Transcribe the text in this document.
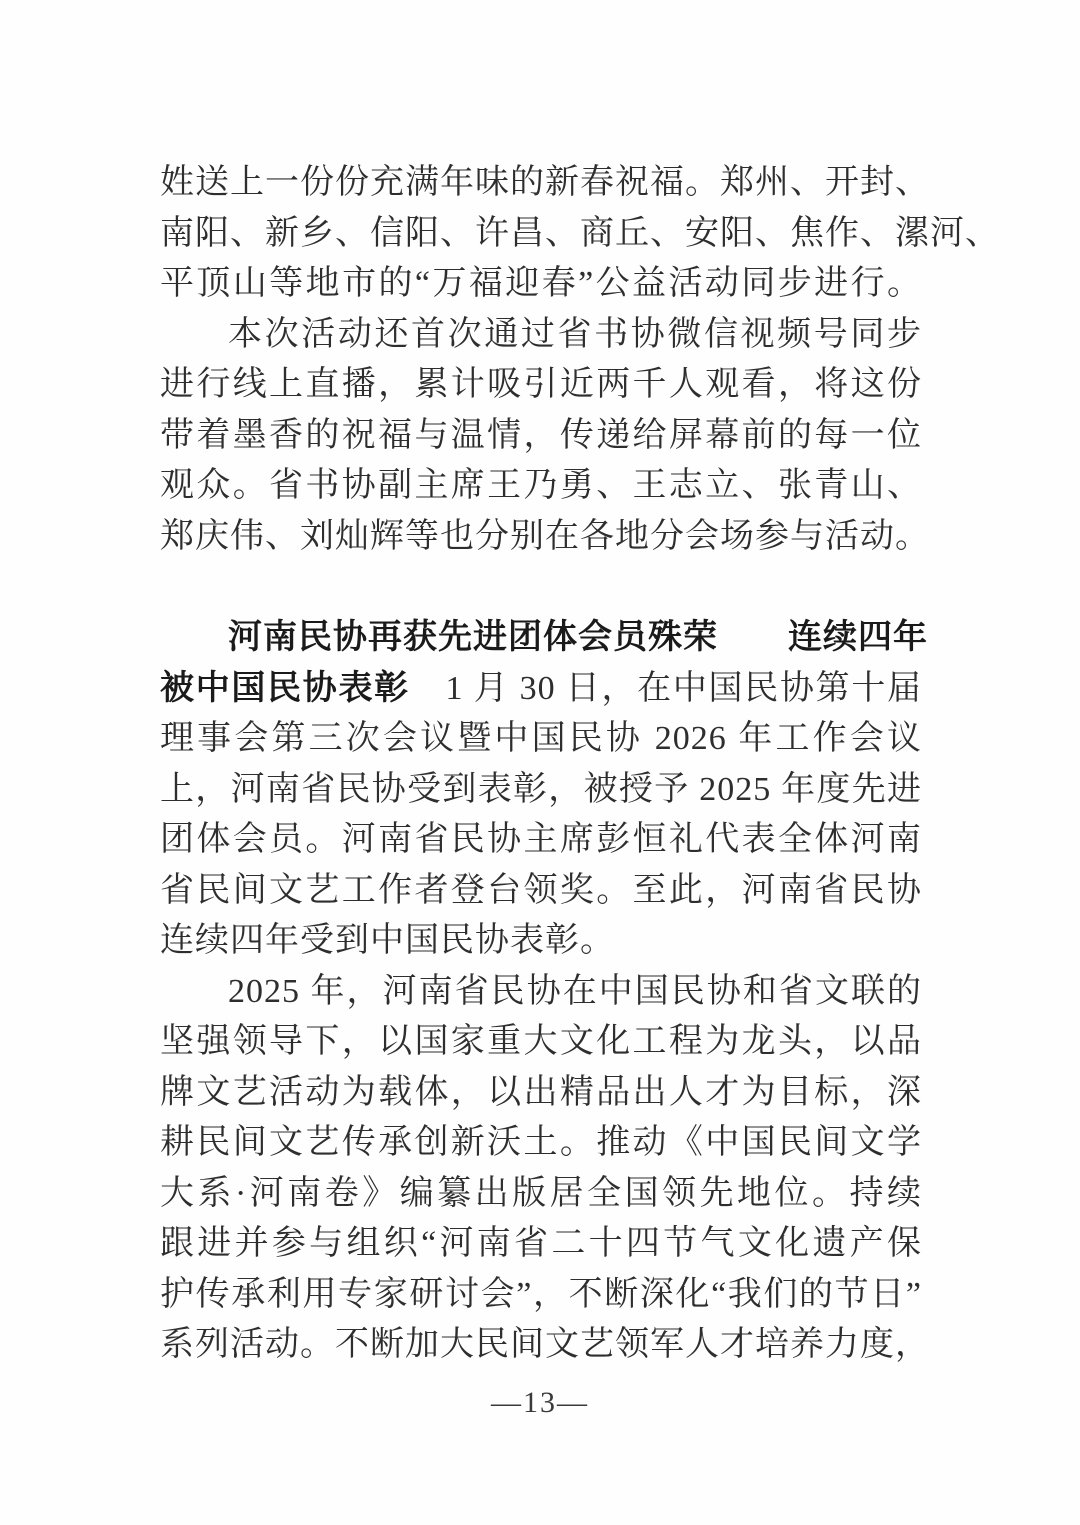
姓送上一份份充满年味的新春祝福。郑州、开封、
南阳、新乡、信阳、许昌、商丘、安阳、焦作、漯河、
平顶山等地市的“万福迎春”公益活动同步进行。
本次活动还首次通过省书协微信视频号同步
进行线上直播，累计吸引近两千人观看，将这份
带着墨香的祝福与温情，传递给屏幕前的每一位
观众。省书协副主席王乃勇、王志立、张青山、
郑庆伟、刘灿辉等也分别在各地分会场参与活动。
河南民协再获先进团体会员殊荣　　连续四年
被中国民协表彰　1 月 30 日，在中国民协第十届
理事会第三次会议暨中国民协 2026 年工作会议
上，河南省民协受到表彰，被授予 2025 年度先进
团体会员。河南省民协主席彭恒礼代表全体河南
省民间文艺工作者登台领奖。至此，河南省民协
连续四年受到中国民协表彰。
2025 年，河南省民协在中国民协和省文联的
坚强领导下，以国家重大文化工程为龙头，以品
牌文艺活动为载体，以出精品出人才为目标，深
耕民间文艺传承创新沃土。推动《中国民间文学
大系·河南卷》编纂出版居全国领先地位。持续
跟进并参与组织“河南省二十四节气文化遗产保
护传承利用专家研讨会”，不断深化“我们的节日”
系列活动。不断加大民间文艺领军人才培养力度，
—13—
